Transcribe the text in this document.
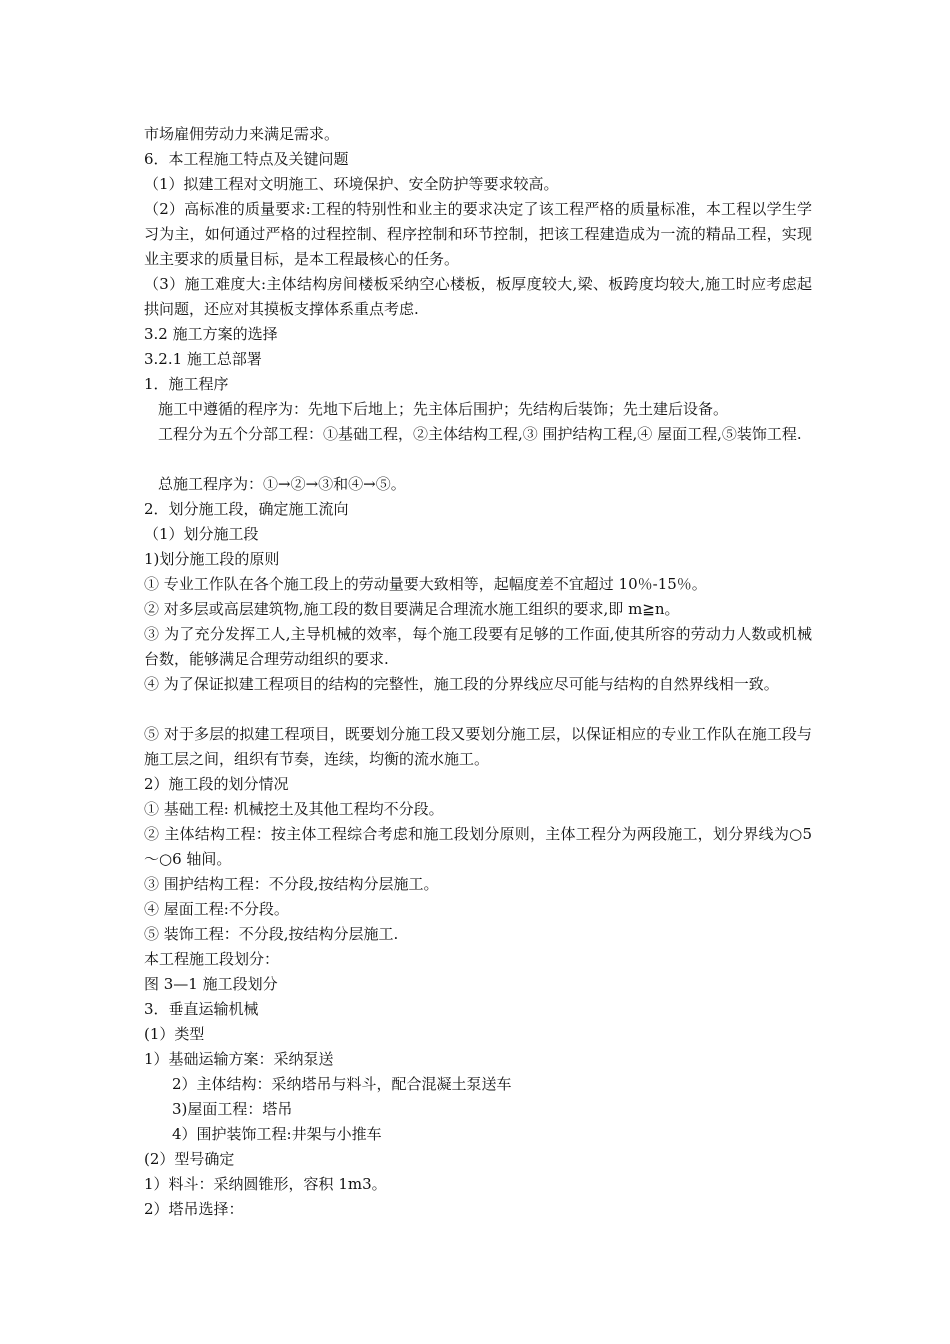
市场雇佣劳动力来满足需求。
6．本工程施工特点及关键问题
（1）拟建工程对文明施工、环境保护、安全防护等要求较高。
（2）高标准的质量要求:工程的特别性和业主的要求决定了该工程严格的质量标准，本工程以学生学习为主，如何通过严格的过程控制、程序控制和环节控制，把该工程建造成为一流的精品工程，实现业主要求的质量目标，是本工程最核心的任务。
（3）施工难度大:主体结构房间楼板采纳空心楼板，板厚度较大,梁、板跨度均较大,施工时应考虑起拱问题，还应对其摸板支撑体系重点考虑.
3.2 施工方案的选择
3.2.1 施工总部署
1．施工程序
施工中遵循的程序为：先地下后地上；先主体后围护；先结构后装饰；先土建后设备。
工程分为五个分部工程：①基础工程，②主体结构工程,③ 围护结构工程,④ 屋面工程,⑤装饰工程.
总施工程序为：①→②→③和④→⑤。
2．划分施工段，确定施工流向
（1）划分施工段
1)划分施工段的原则
① 专业工作队在各个施工段上的劳动量要大致相等，起幅度差不宜超过 10％-15％。
② 对多层或高层建筑物,施工段的数目要满足合理流水施工组织的要求,即 m≧n。
③ 为了充分发挥工人,主导机械的效率，每个施工段要有足够的工作面,使其所容的劳动力人数或机械台数，能够满足合理劳动组织的要求.
④ 为了保证拟建工程项目的结构的完整性，施工段的分界线应尽可能与结构的自然界线相一致。
⑤ 对于多层的拟建工程项目，既要划分施工段又要划分施工层，以保证相应的专业工作队在施工段与施工层之间，组织有节奏，连续，均衡的流水施工。
2）施工段的划分情况
① 基础工程: 机械挖土及其他工程均不分段。
② 主体结构工程：按主体工程综合考虑和施工段划分原则，主体工程分为两段施工，划分界线为○5～○6 轴间。
③ 围护结构工程：不分段,按结构分层施工。
④ 屋面工程:不分段。
⑤ 装饰工程：不分段,按结构分层施工.
本工程施工段划分：
图 3—1 施工段划分
3．垂直运输机械
(1）类型
1）基础运输方案：采纳泵送
2）主体结构：采纳塔吊与料斗，配合混凝土泵送车
3)屋面工程：塔吊
4）围护装饰工程:井架与小推车
(2）型号确定
1）料斗：采纳圆锥形，容积 1m3。
2）塔吊选择：
